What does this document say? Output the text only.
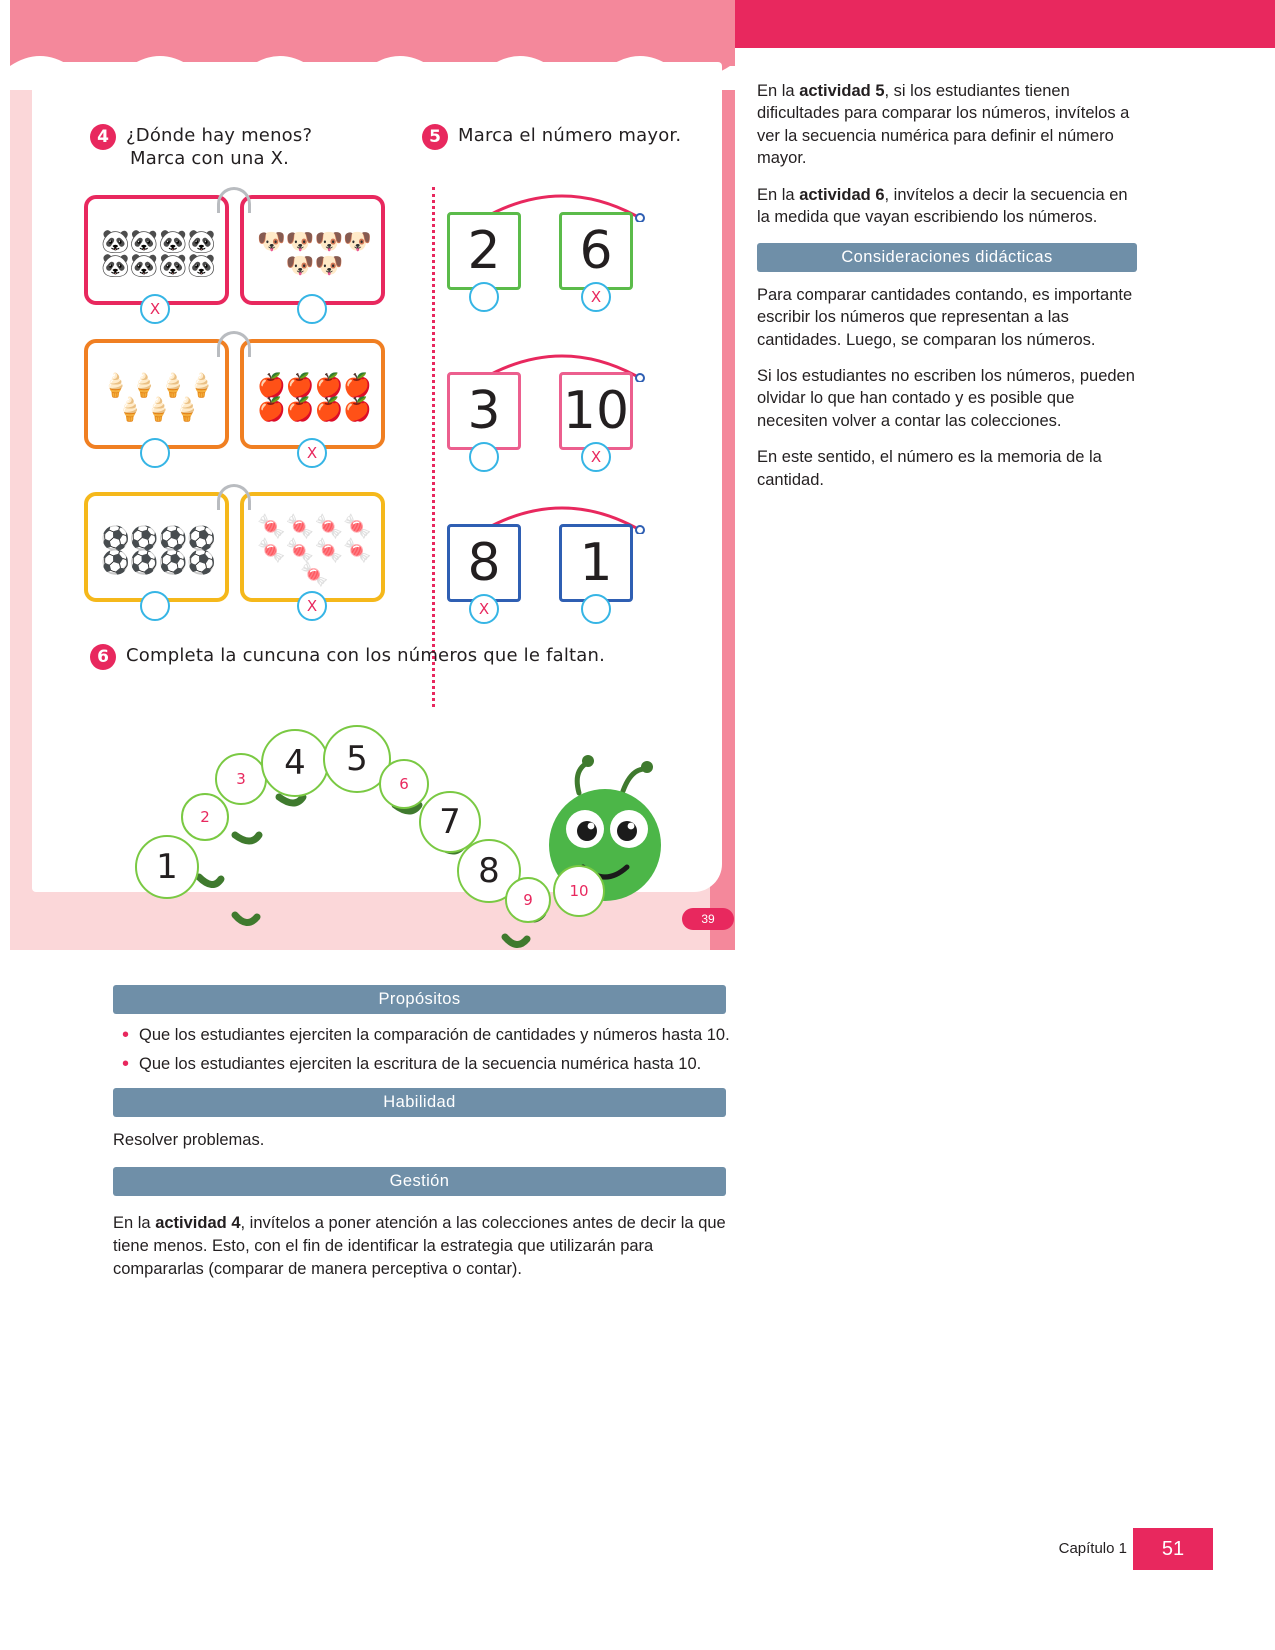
4 ¿Dónde hay menos?
Marca con una X.
🐼 🐼 🐼 🐼
🐼 🐼 🐼 🐼
🐶 🐶 🐶 🐶
🐶 🐶
X
🍦 🍦 🍦 🍦
🍦 🍦 🍦
🍎 🍎 🍎 🍎
🍎 🍎 🍎 🍎
X
⚽ ⚽ ⚽ ⚽
⚽ ⚽ ⚽ ⚽
🍬 🍬 🍬 🍬
🍬 🍬 🍬 🍬
🍬
X
5 Marca el número mayor.
2	6
X
3	10
X
8	1
X
6 Completa la cuncuna con los números que le faltan.
1
2
3	4	5
6
7
8
9	10
39

En la actividad 5, si los estudiantes tienen dificultades para comparar los números, invítelos a ver la secuencia numérica para definir el número mayor.

En la actividad 6, invítelos a decir la secuencia en la medida que vayan escribiendo los números.

Consideraciones didácticas

Para comparar cantidades contando, es importante escribir los números que representan a las cantidades. Luego, se comparan los números.

Si los estudiantes no escriben los números, pueden olvidar lo que han contado y es posible que necesiten volver a contar las colecciones.

En este sentido, el número es la memoria de la cantidad.

Propósitos
• Que los estudiantes ejerciten la comparación de cantidades y números hasta 10.
• Que los estudiantes ejerciten la escritura de la secuencia numérica hasta 10.
Habilidad

Resolver problemas.

Gestión

En la actividad 4, invítelos a poner atención a las colecciones antes de decir la que tiene menos. Esto, con el fin de identificar la estrategia que utilizarán para compararlas (comparar de manera perceptiva o contar).

Capítulo 1	51
